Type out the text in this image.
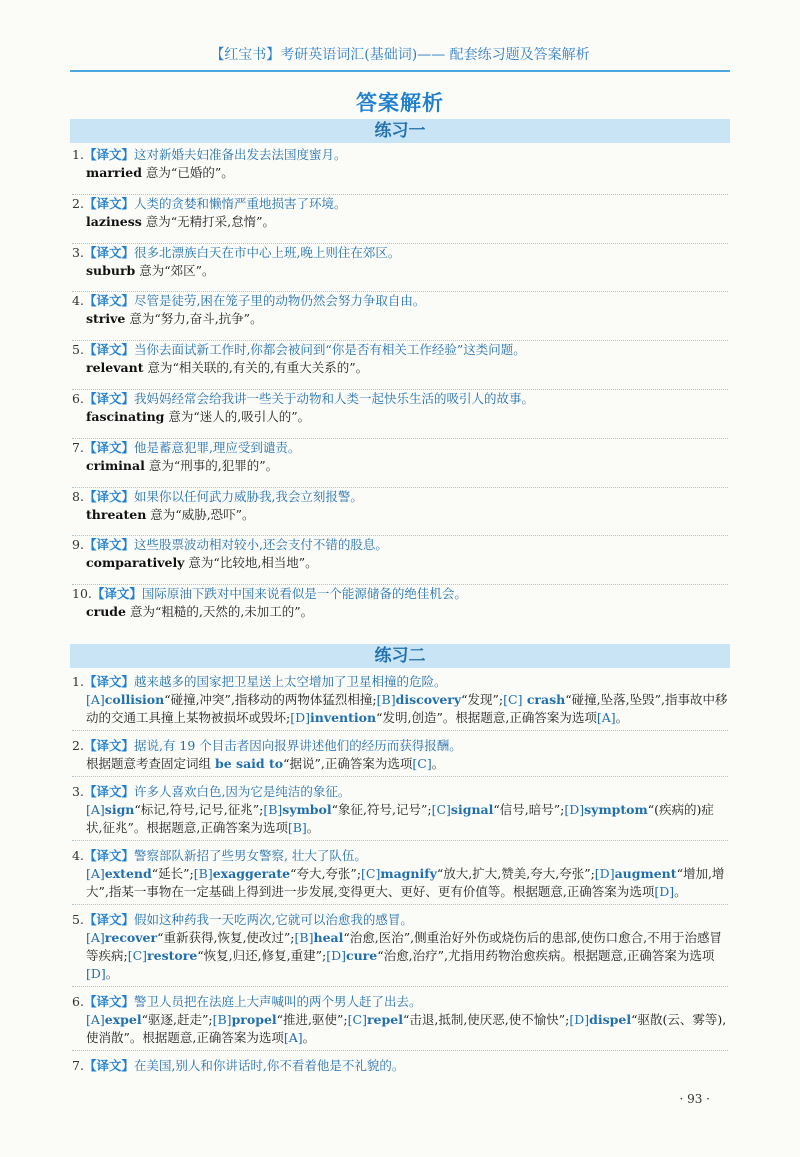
【红宝书】考研英语词汇(基础词)—— 配套练习题及答案解析
答案解析
练习一
1.【译文】这对新婚夫妇准备出发去法国度蜜月。
married 意为“已婚的”。
2.【译文】人类的贪婪和懒惰严重地损害了环境。
laziness 意为“无精打采,怠惰”。
3.【译文】很多北漂族白天在市中心上班,晚上则住在郊区。
suburb 意为“郊区”。
4.【译文】尽管是徒劳,困在笼子里的动物仍然会努力争取自由。
strive 意为“努力,奋斗,抗争”。
5.【译文】当你去面试新工作时,你都会被问到“你是否有相关工作经验”这类问题。
relevant 意为“相关联的,有关的,有重大关系的”。
6.【译文】我妈妈经常会给我讲一些关于动物和人类一起快乐生活的吸引人的故事。
fascinating 意为“迷人的,吸引人的”。
7.【译文】他是蓄意犯罪,理应受到谴责。
criminal 意为“刑事的,犯罪的”。
8.【译文】如果你以任何武力威胁我,我会立刻报警。
threaten 意为“威胁,恐吓”。
9.【译文】这些股票波动相对较小,还会支付不错的股息。
comparatively 意为“比较地,相当地”。
10.【译文】国际原油下跌对中国来说看似是一个能源储备的绝佳机会。
crude 意为“粗糙的,天然的,未加工的”。
练习二
1.【译文】越来越多的国家把卫星送上太空增加了卫星相撞的危险。
[A]collision“碰撞,冲突”,指移动的两物体猛烈相撞;[B]discovery“发现”;[C] crash“碰撞,坠落,坠毁”,指事故中移动的交通工具撞上某物被损坏或毁坏;[D]invention“发明,创造”。根据题意,正确答案为选项[A]。
2.【译文】据说,有 19 个目击者因向报界讲述他们的经历而获得报酬。
根据题意考查固定词组 be said to“据说”,正确答案为选项[C]。
3.【译文】许多人喜欢白色,因为它是纯洁的象征。
[A]sign“标记,符号,记号,征兆”;[B]symbol“象征,符号,记号”;[C]signal“信号,暗号”;[D]symptom“(疾病的)症状,征兆”。根据题意,正确答案为选项[B]。
4.【译文】警察部队新招了些男女警察, 壮大了队伍。
[A]extend“延长”;[B]exaggerate“夸大,夸张”;[C]magnify“放大,扩大,赞美,夸大,夸张”;[D]augment“增加,增大”,指某一事物在一定基础上得到进一步发展,变得更大、更好、更有价值等。根据题意,正确答案为选项[D]。
5.【译文】假如这种药我一天吃两次,它就可以治愈我的感冒。
[A]recover“重新获得,恢复,使改过”;[B]heal“治愈,医治”,侧重治好外伤或烧伤后的患部,使伤口愈合,不用于治感冒等疾病;[C]restore“恢复,归还,修复,重建”;[D]cure“治愈,治疗”,尤指用药物治愈疾病。根据题意,正确答案为选项[D]。
6.【译文】警卫人员把在法庭上大声喊叫的两个男人赶了出去。
[A]expel“驱逐,赶走”;[B]propel“推进,驱使”;[C]repel“击退,抵制,使厌恶,使不愉快”;[D]dispel“驱散(云、雾等),使消散”。根据题意,正确答案为选项[A]。
7.【译文】在美国,别人和你讲话时,你不看着他是不礼貌的。
· 93 ·
